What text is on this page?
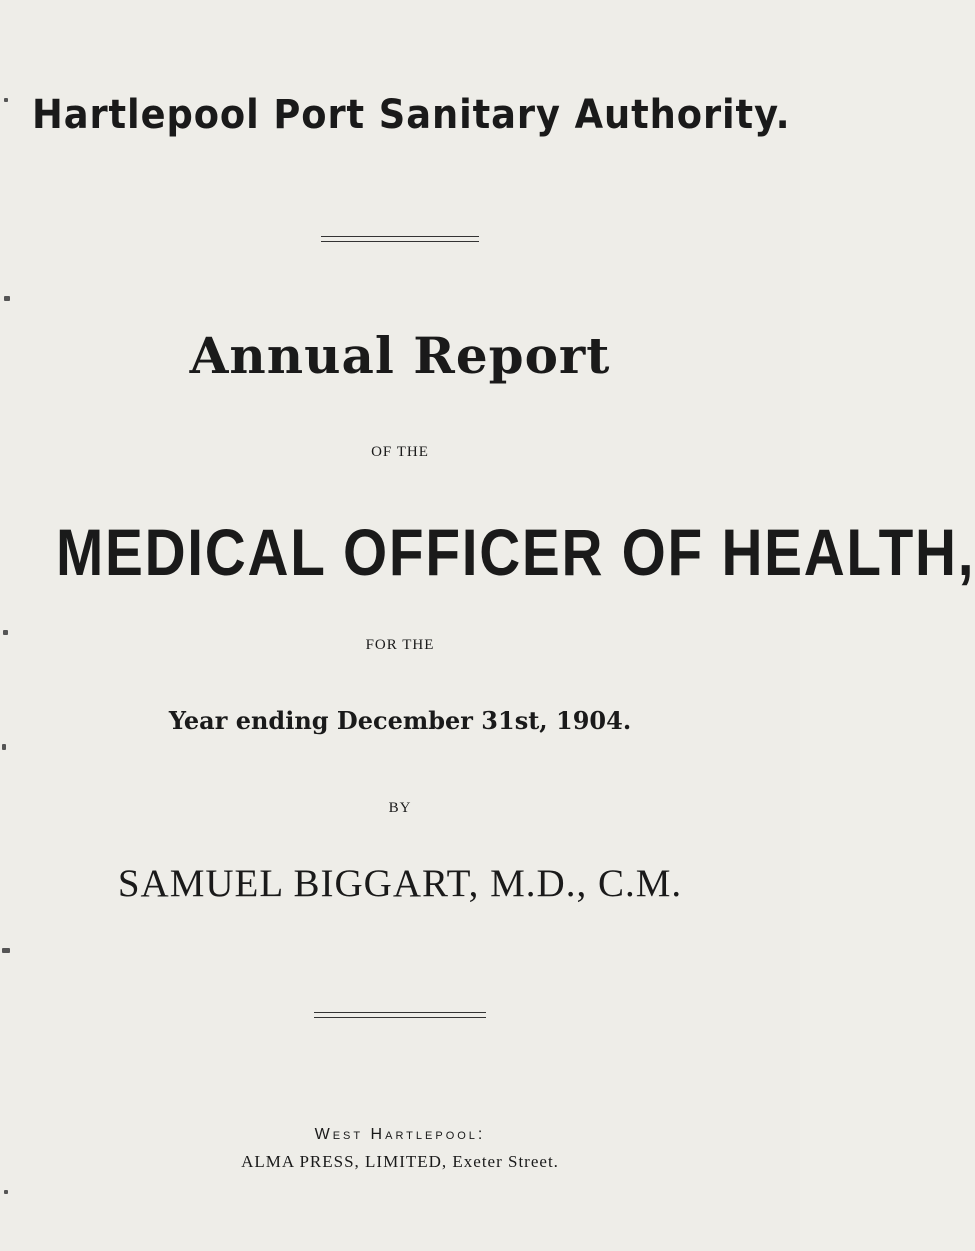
Hartlepool Port Sanitary Authority.
Annual Report
OF THE
MEDICAL OFFICER OF HEALTH,
FOR THE
Year ending December 31st, 1904.
BY
SAMUEL BIGGART, M.D., C.M.
West Hartlepool:
ALMA PRESS, LIMITED, Exeter Street.
